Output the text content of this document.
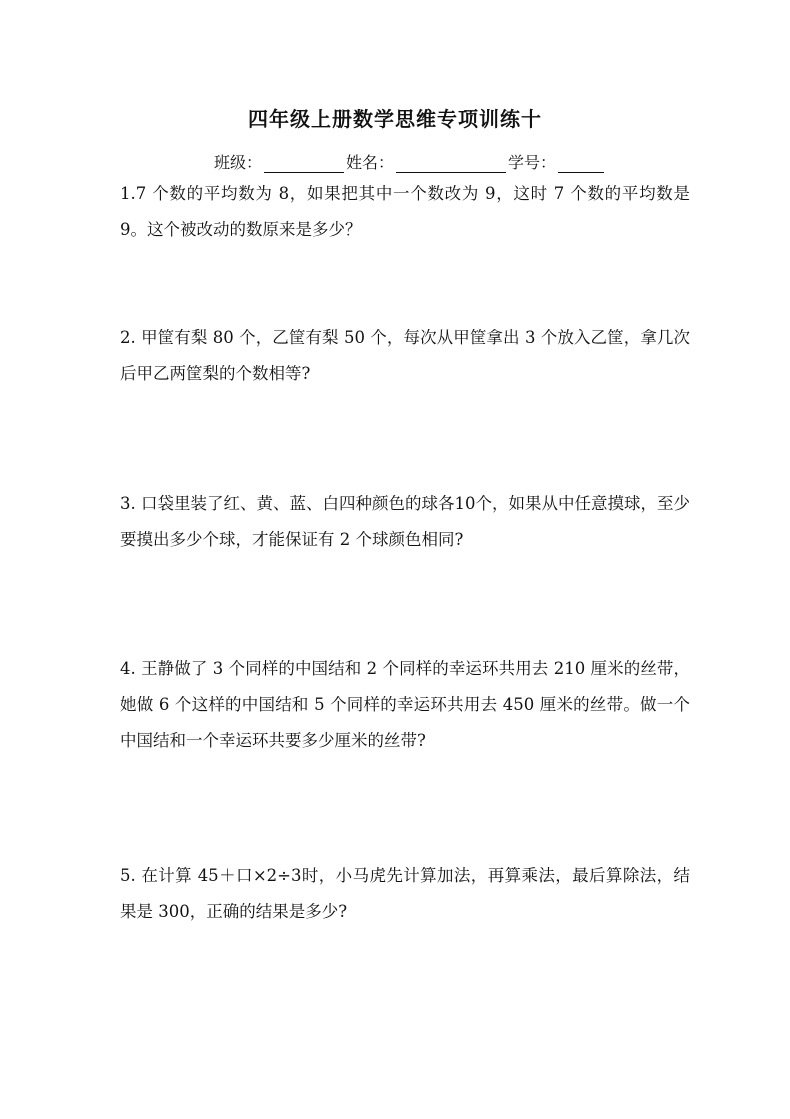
四年级上册数学思维专项训练十
班级：	姓名：	学号：
1.7 个数的平均数为 8，如果把其中一个数改为 9，这时 7 个数的平均数是 9。这个被改动的数原来是多少？
2. 甲筐有梨 80 个，乙筐有梨 50 个，每次从甲筐拿出 3 个放入乙筐，拿几次后甲乙两筐梨的个数相等?
3. 口袋里装了红、黄、蓝、白四种颜色的球各10个，如果从中任意摸球，至少要摸出多少个球，才能保证有 2 个球颜色相同?
4. 王静做了 3 个同样的中国结和 2 个同样的幸运环共用去 210 厘米的丝带，她做 6 个这样的中国结和 5 个同样的幸运环共用去 450 厘米的丝带。做一个中国结和一个幸运环共要多少厘米的丝带?
5. 在计算 45＋口×2÷3时，小马虎先计算加法，再算乘法，最后算除法，结果是 300，正确的结果是多少?
